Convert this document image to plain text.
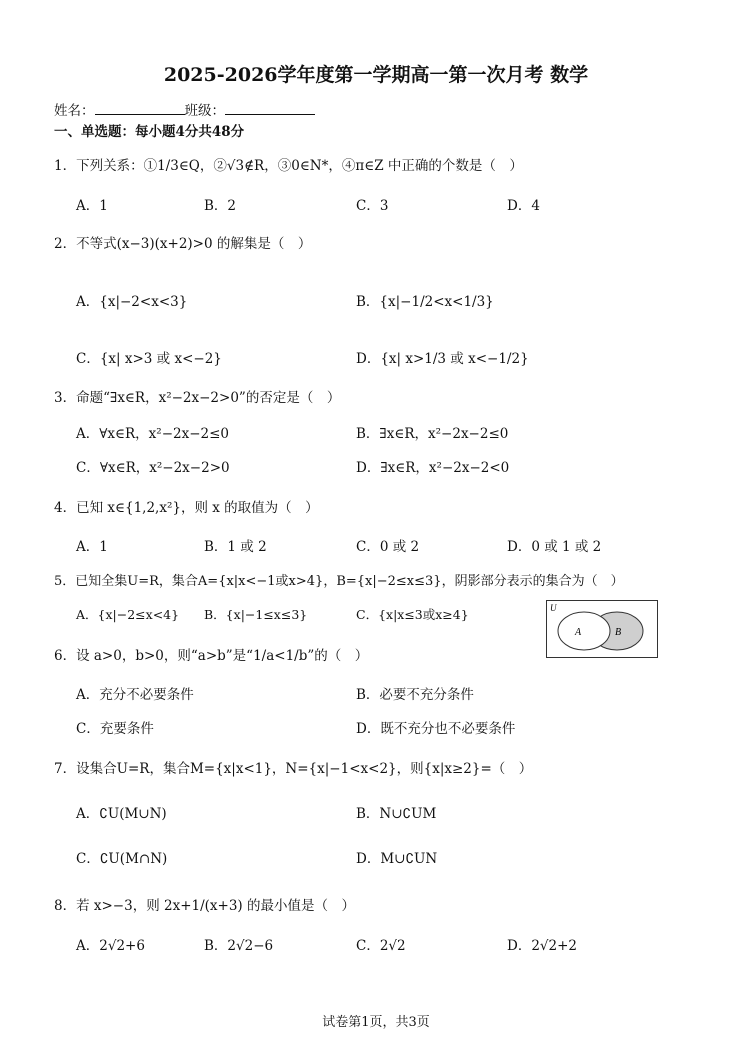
2025-2026学年度第一学期高一第一次月考 数学
姓名：	班级：
一、单选题：每小题4分共48分
1．下列关系：①1/3∈Q，②√3∉R，③0∈N*，④π∈Z 中正确的个数是（　）
A．1	B．2	C．3	D．4
2．不等式(x−3)(x+2)>0 的解集是（　）
A．{x|−2<x<3}	B．{x|−1/2<x<1/3}
C．{x| x>3 或 x<−2}	D．{x| x>1/3 或 x<−1/2}
3．命题“∃x∈R，x²−2x−2>0”的否定是（　）
A．∀x∈R，x²−2x−2≤0	B．∃x∈R，x²−2x−2≤0
C．∀x∈R，x²−2x−2>0	D．∃x∈R，x²−2x−2<0
4．已知 x∈{1,2,x²}，则 x 的取值为（　）
A．1	B．1 或 2	C．0 或 2	D．0 或 1 或 2
5．已知全集U=R，集合A={x|x<−1或x>4}，B={x|−2≤x≤3}，阴影部分表示的集合为（　）
A．{x|−2≤x<4} B．{x|−1≤x≤3}	C．{x|x≤3或x≥4}	U
A	B
6．设 a>0，b>0，则“a>b”是“1/a<1/b”的（　）
A．充分不必要条件	B．必要不充分条件
C．充要条件	D．既不充分也不必要条件
7．设集合U=R，集合M={x|x<1}，N={x|−1<x<2}，则{x|x≥2}=（　）
A．∁U(M∪N)	B．N∪∁UM
C．∁U(M∩N)	D．M∪∁UN
8．若 x>−3，则 2x+1/(x+3) 的最小值是（　）
A．2√2+6	B．2√2−6	C．2√2	D．2√2+2
试卷第1页，共3页
